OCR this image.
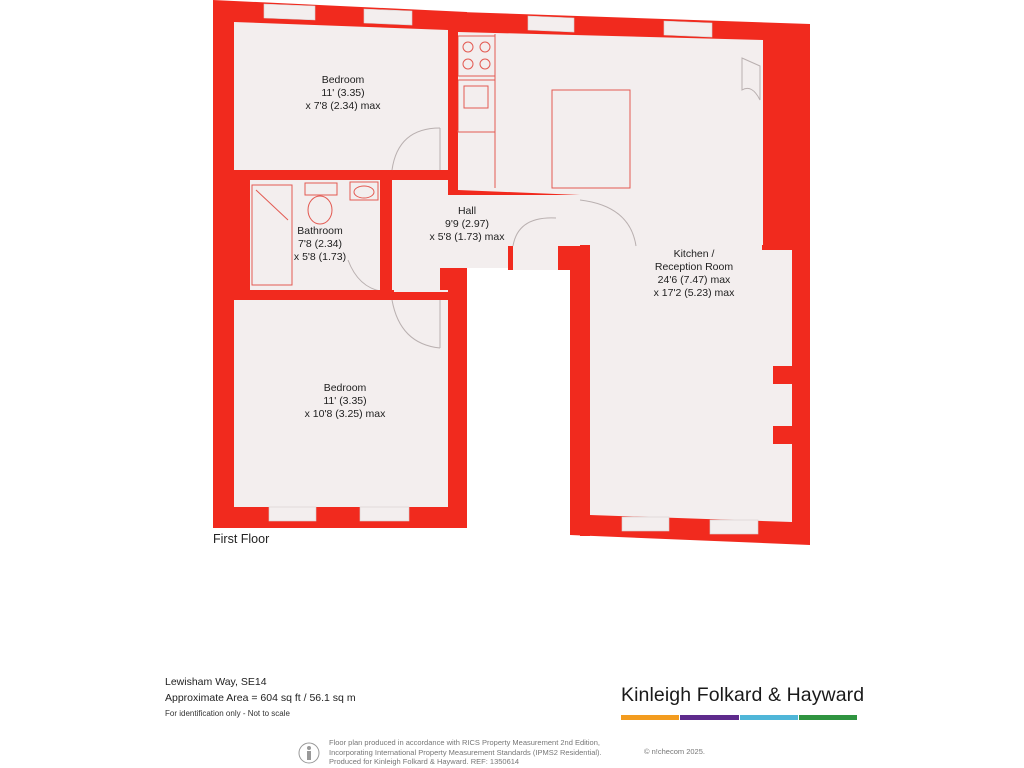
Bedroom
11' (3.35)
x 7'8 (2.34) max
Bathroom
7'8 (2.34)
x 5'8 (1.73)
Hall
9'9 (2.97)
x 5'8 (1.73) max
Kitchen /
Reception Room
24'6 (7.47) max
x 17'2 (5.23) max
Bedroom
11' (3.35)
x 10'8 (3.25) max
First Floor
Lewisham Way, SE14
Approximate Area = 604 sq ft / 56.1 sq m
For identification only - Not to scale
Kinleigh Folkard & Hayward
Floor plan produced in accordance with RICS Property Measurement 2nd Edition,
Incorporating International Property Measurement Standards (IPMS2 Residential).
Produced for Kinleigh Folkard & Hayward. REF: 1350614
© n!checom 2025.
